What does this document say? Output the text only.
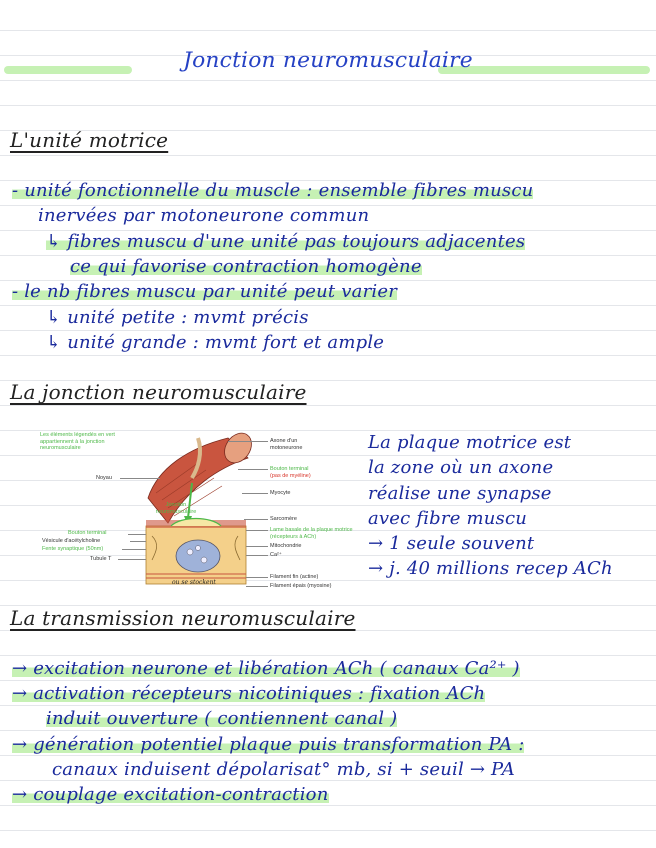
Jonction neuromusculaire
L'unité motrice
- unité fonctionnelle du muscle : ensemble fibres muscu
inervées par motoneurone commun
↳ fibres muscu d'une unité pas toujours adjacentes
ce qui favorise contraction homogène
- le nb fibres muscu par unité peut varier
↳ unité petite : mvmt précis
↳ unité grande : mvmt fort et ample
La jonction neuromusculaire
Les éléments légendés en vert appartiennent à la jonction neuromusculaire
Noyau
Jonction neuromusculaire
Bouton terminal
Vésicule d'acétylcholine
Fente synaptique (50nm)
Tubule T
Axone d'un motoneurone
Bouton terminal
(pas de myéline)
Myocyte
Sarcomère
Lame basale de la plaque motrice (récepteurs à ACh)
Mitochondrie
Ca²⁺
Filament fin (actine)
Filament épais (myosine)
ou se stockent
La plaque motrice est
la zone où un axone
réalise une synapse
avec fibre muscu
→ 1 seule souvent
→ j. 40 millions recep ACh
La transmission neuromusculaire
→ excitation neurone et libération ACh ( canaux Ca²⁺ )
→ activation récepteurs nicotiniques : fixation ACh
induit ouverture ( contiennent canal )
→ génération potentiel plaque puis transformation PA :
canaux induisent dépolarisat° mb, si + seuil → PA
→ couplage excitation-contraction
